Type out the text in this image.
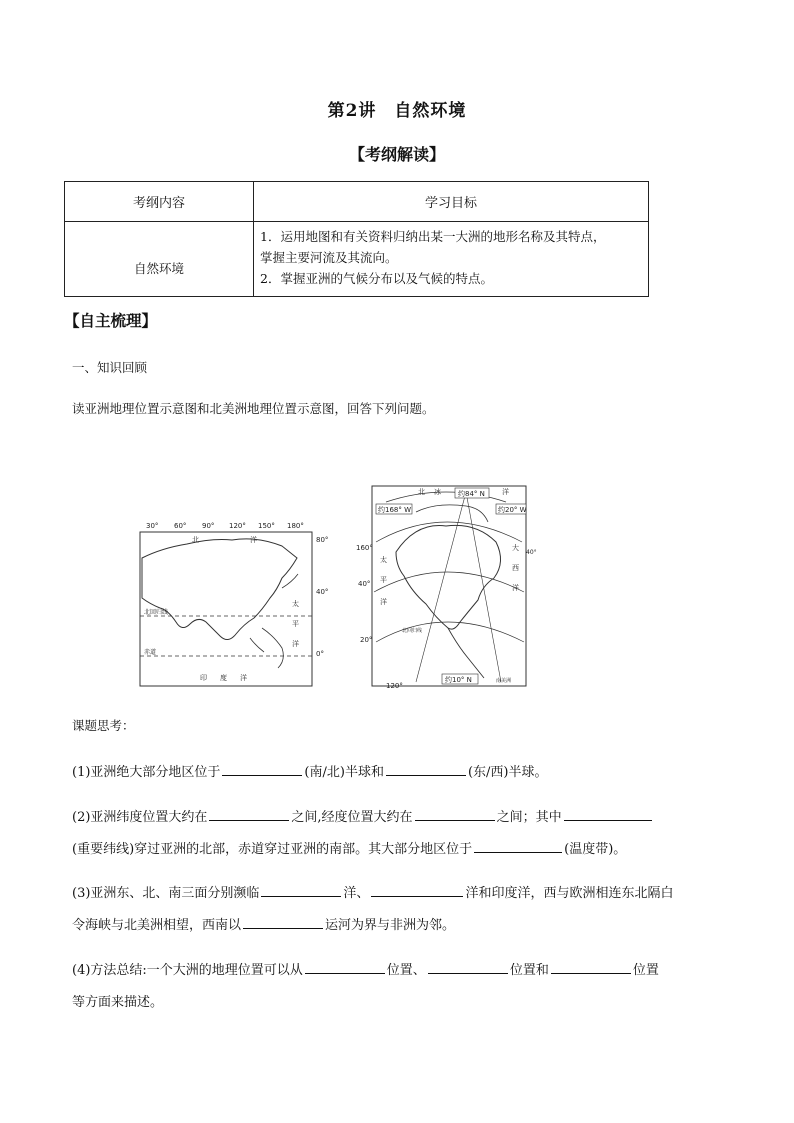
第2讲　自然环境
【考纲解读】
考纲内容	学习目标
自然环境	1．运用地图和有关资料归纳出某一大洲的地形名称及其特点，
掌握主要河流及其流向。
2．掌握亚洲的气候分布以及气候的特点。
【自主梳理】
一、知识回顾
读亚洲地理位置示意图和北美洲地理位置示意图，回答下列问题。
30° 60° 90° 120° 150° 180°
80°
40°
0°
北	洋
太
平
洋
印 度 洋
赤道
北回归线
约84° N
约168° W	约20° W
约10° N
160°
40°
20°
40°
120°
北 冰	洋
太
平
洋
大
西
洋
北回归线
南美洲
课题思考：
(1)亚洲绝大部分地区位于	(南/北)半球和	(东/西)半球。
(2)亚洲纬度位置大约在	之间,经度位置大约在	之间；其中
(重要纬线)穿过亚洲的北部，赤道穿过亚洲的南部。其大部分地区位于	(温度带)。
(3)亚洲东、北、南三面分别濒临	洋、	洋和印度洋，西与欧洲相连东北隔白
令海峡与北美洲相望，西南以	运河为界与非洲为邻。
(4)方法总结:一个大洲的地理位置可以从	位置、	位置和	位置
等方面来描述。
